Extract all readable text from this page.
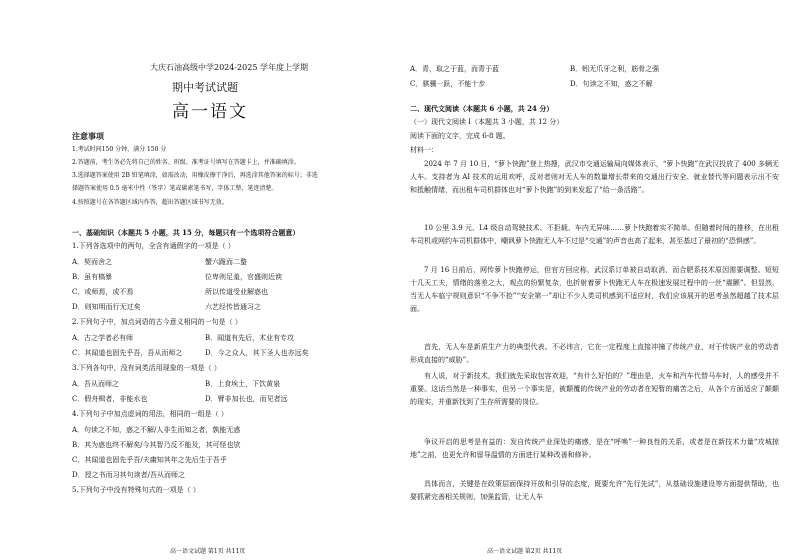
大庆石油高级中学2024-2025 学年度上学期
期中考试试题
高一语文
注意事项
1.考试时间150 分钟，满分 150 分
2.答题前，考生务必先将自己的姓名、班级、准考证号填写在答题卡上，并准确填涂。
3.选择题答案使用 2B 铅笔填涂，如需改动，用橡皮擦干净后，再选涂其他答案的标号；非选
择题答案使用 0.5 毫米中性（签字）笔或碳素笔书写，字体工整，笔迹清楚。
4.按照题号在各答题区域内作答，超出答题区域书写无效。
一、基础知识（本题共 5 小题，共 15 分，每题只有一个选项符合题意）
1.下列各选项中的两句，全含有通假字的一项是（ ）
A．契而舍之	蟹六跪而二螯
B．虽有槁暴	位卑则足羞，官盛则近谀
C．或师焉，或不焉	所以传道受业解惑也
D．则知明而行无过矣	六艺经传皆通习之
2.下列句子中，加点词语的古今意义相同的一句是（ ）
A．古之学者必有师	B．闻道有先后，术业有专攻
C．其闻道也固先乎吾，吾从而师之	D．今之众人，其下圣人也亦远矣
3.下列各句中，没有词类活用现象的一项是（ ）
A．吾从而师之	B．上食埃土，下饮黄泉
C．假舟楫者，非能水也	D．臂非加长也，而见者远
4.下列句子中加点虚词的用法，相同的一组是（ ）
A．句读之不知，惑之不解/人非生而知之者，孰能无惑
B．其为惑也终不解矣/今其智乃反不能及，其可怪也欤
C．其闻道也固先乎吾/夫庸知其年之先后生于吾乎
D．授之书而习其句读者/吾从而师之
5.下列句子中没有特殊句式的一项是（ ）
高一语文试题 第1页 共11页
A．青，取之于蓝，而青于蓝	B．蚓无爪牙之利，筋骨之强
C．骐骥一跃，不能十步	D．句读之不知，惑之不解
二、现代文阅读（本题共 6 小题，共 24 分）
（一）现代文阅读 I（本题共 3 小题，共 12 分）
阅读下面的文字，完成 6-8 题。
材料一：
2024 年 7 月 10 日，“萝卜快跑”登上热搜，武汉市交通运输局向媒体表示，“萝卜快跑”在武汉投放了 400 多辆无人车。支持者为 AI 技术的运用欢呼，反对者则对无人车的数量增长带来的交通出行安全、就业替代等问题表示出不安和抵触情绪，而出租车司机群体也对“萝卜快跑”的到来发起了“给一条活路”。
10 公里 3.9 元、L4 级自动驾驶技术、不拒载、车内无异味……萝卜快跑着实不简单。但随着时间的推移，在出租车司机或网约车司机群体中，嘲讽萝卜快跑无人车不过是“交通”的声音也高了起来，甚至基过了最初的“恐惧感”。
7 月 16 日前后，网传萝卜快跑停运，但官方回应称，武汉系订单被自动取消，而合肥系技术原因需要调整。短短十几天工夫，情绪的落差之大，观点的纷繁复杂，也折射着萝卜快跑无人车在极速发展过程中的一丝“震颤”。但显然，当无人车临宁规则意识“不争不抢”“安全第一”却让不少人类司机感到不适应时，我们应该展开的思考虽然超越了技术层面。
首先，无人车是新质生产力的典型代表。不必讳言，它在一定程度上直接冲撞了传统产业，对于传统产业的劳动者形成直接的“威胁”。
有人说，对于新技术，我们就先采取包容欢迎，“有什么好怕的？”理由是，火车和汽车代替马车时，人的感受并不重要。这话当然是一种事实，但另一个事实是，被颠覆的传统产业的劳动者在短暂的痛苦之后，从各个方面适应了颠颠的现实，并重新找到了生存所需要的岗位。
争议开启的思考是有益的：发自传统产业深处的痛感，是在“呼唤”一种良性的关系，或者是在新技术力量“攻城掠地”之前，也更允许和留导温情的方面进行某种改善和修补。
具体而言，关键是在政策层面保持开放和引导的态度，既要允许“先行先试”，从基础设施建设等方面提供帮助，也要抓紧完善相关规则，加强监管，让无人车
高一语文试题 第2页 共11页
